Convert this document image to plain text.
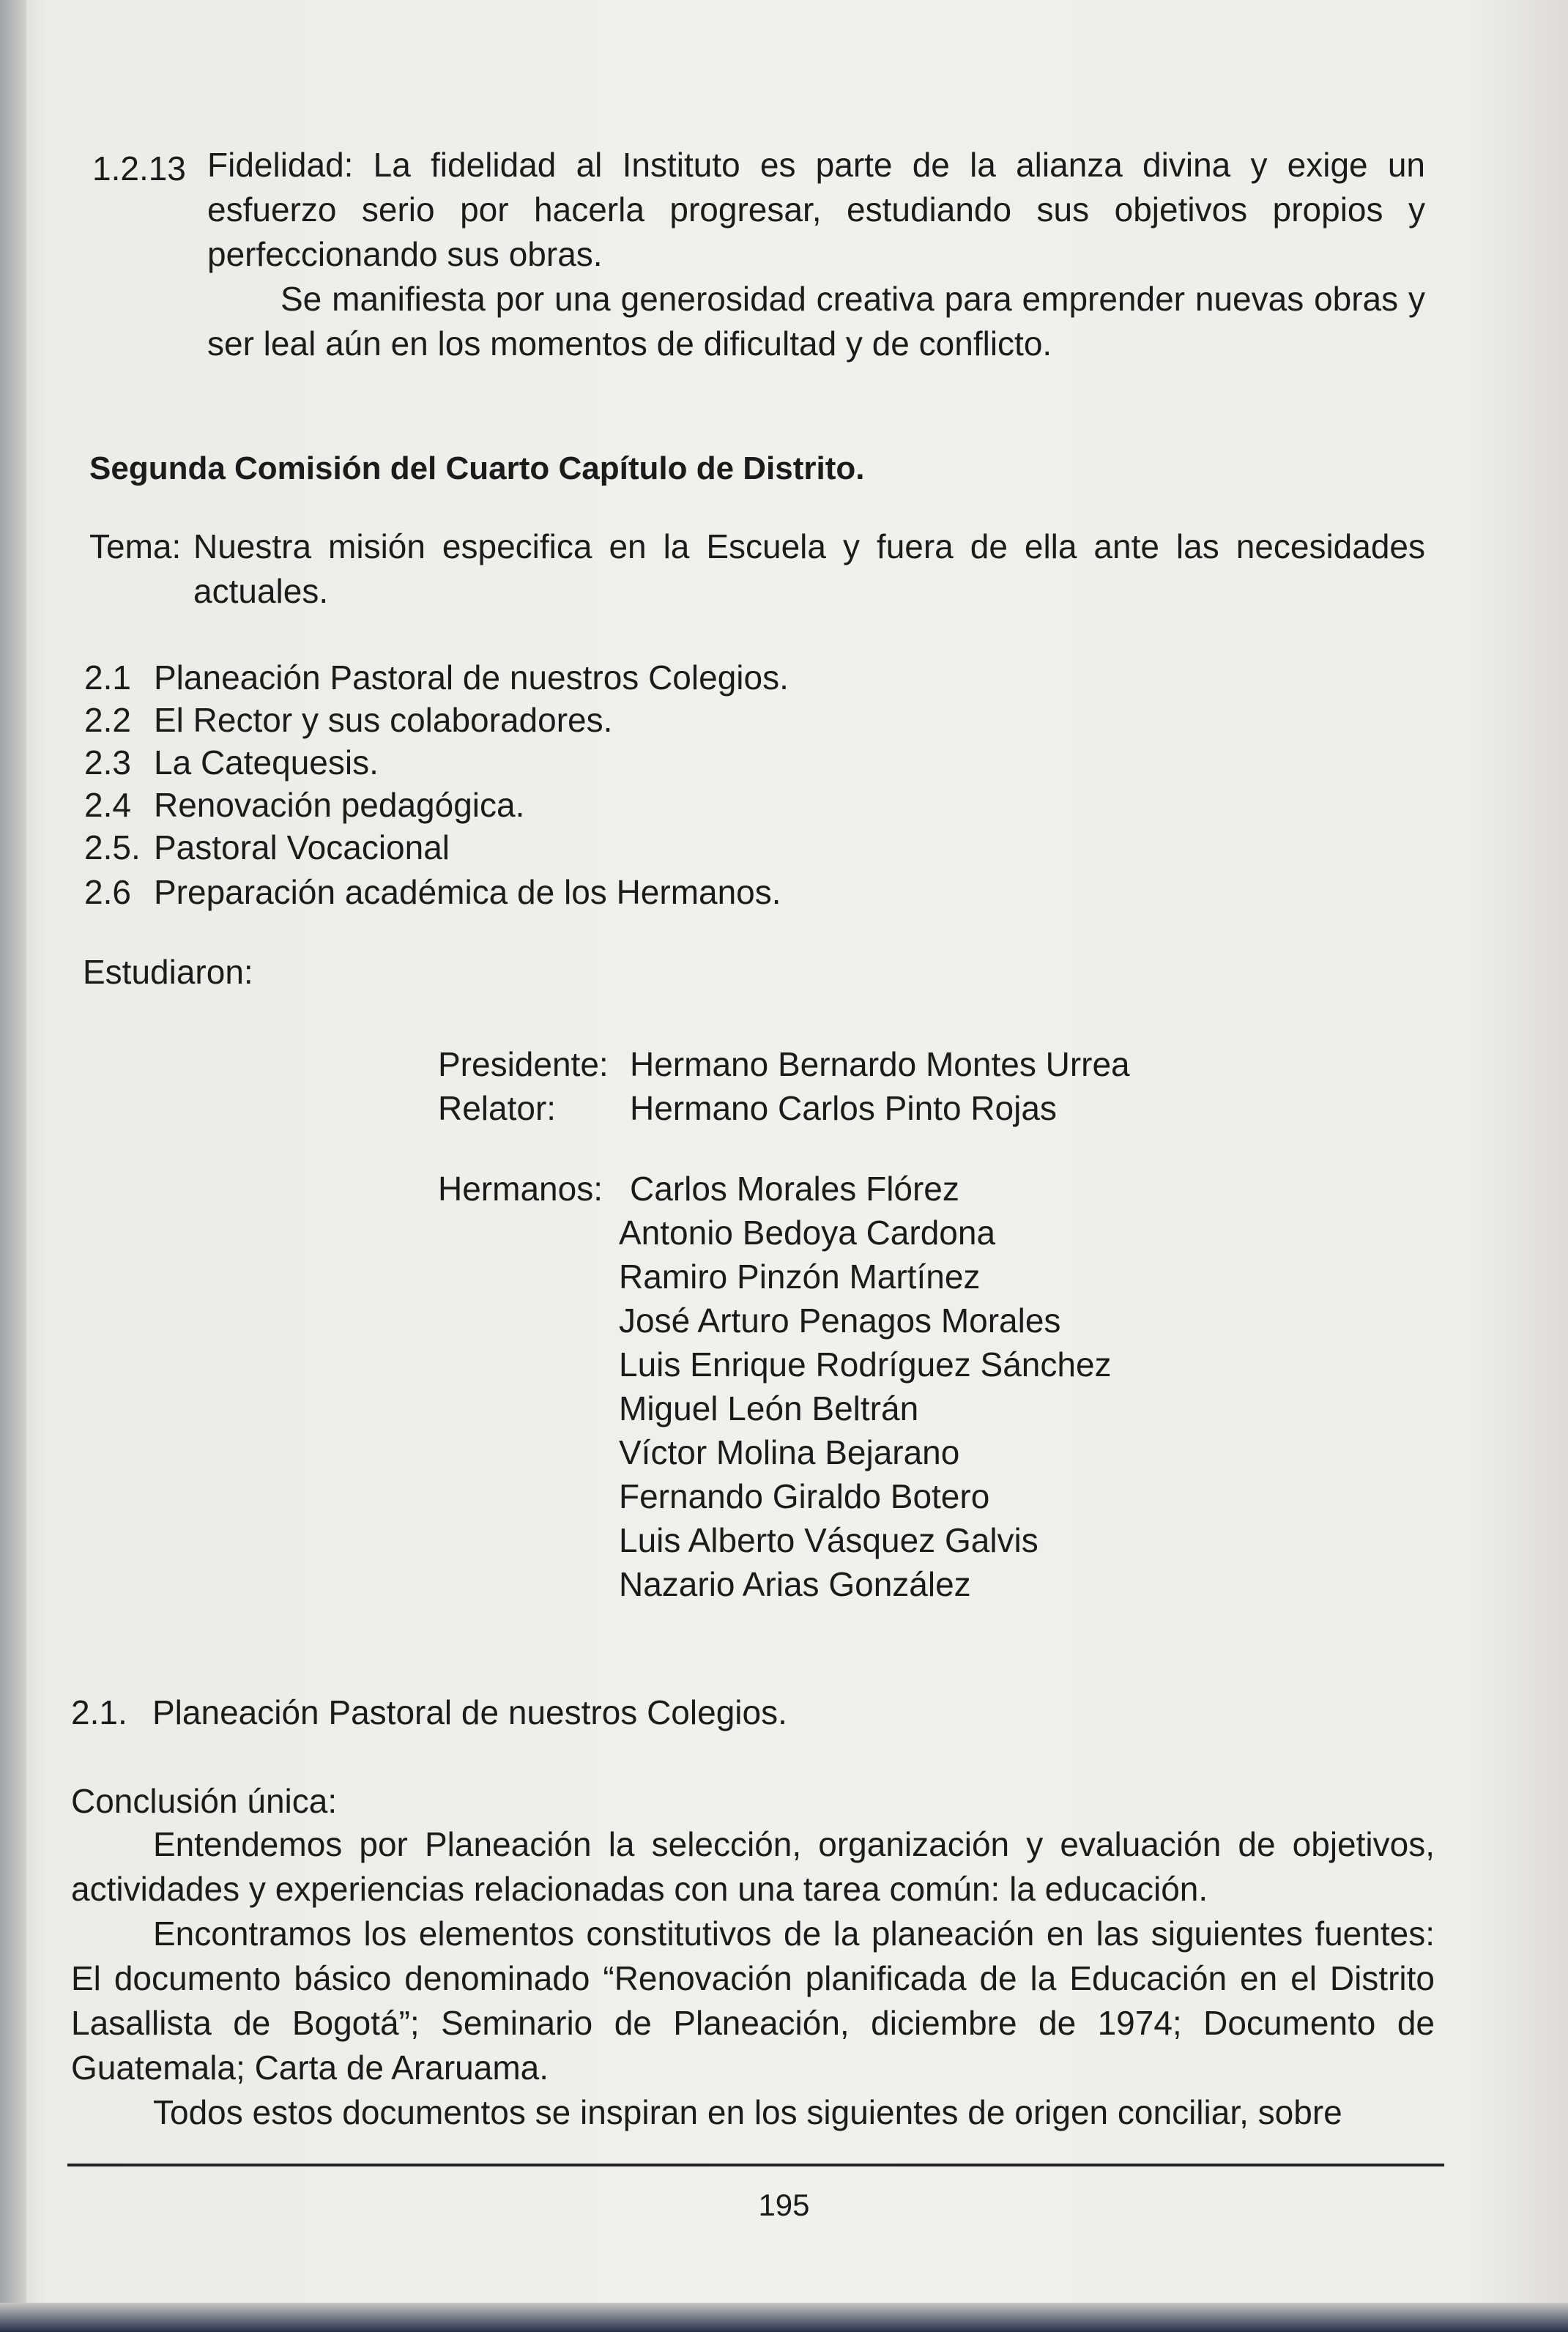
1.2.13 Fidelidad: La fidelidad al Instituto es parte de la alianza divina y exige un esfuerzo serio por hacerla progresar, estudiando sus objetivos propios y perfeccionando sus obras.

Se manifiesta por una generosidad creativa para emprender nuevas obras y ser leal aún en los momentos de dificultad y de conflicto.

Segunda Comisión del Cuarto Capítulo de Distrito.

Tema: Nuestra misión especifica en la Escuela y fuera de ella ante las necesidades actuales.

2.1 Planeación Pastoral de nuestros Colegios.
2.2 El Rector y sus colaboradores.
2.3 La Catequesis.
2.4 Renovación pedagógica.
2.5. Pastoral Vocacional
2.6 Preparación académica de los Hermanos.

Estudiaron:

Presidente: Hermano Bernardo Montes Urrea
Relator: Hermano Carlos Pinto Rojas
Hermanos: Carlos Morales Flórez
Antonio Bedoya Cardona
Ramiro Pinzón Martínez
José Arturo Penagos Morales
Luis Enrique Rodríguez Sánchez
Miguel León Beltrán
Víctor Molina Bejarano
Fernando Giraldo Botero
Luis Alberto Vásquez Galvis
Nazario Arias González
2.1. Planeación Pastoral de nuestros Colegios.

Conclusión única:

Entendemos por Planeación la selección, organización y evaluación de objetivos, actividades y experiencias relacionadas con una tarea común: la educación.

Encontramos los elementos constitutivos de la planeación en las siguientes fuentes: El documento básico denominado “Renovación planificada de la Educación en el Distrito Lasallista de Bogotá”; Seminario de Planeación, diciembre de 1974; Documento de Guatemala; Carta de Araruama.

Todos estos documentos se inspiran en los siguientes de origen conciliar, sobre

195
